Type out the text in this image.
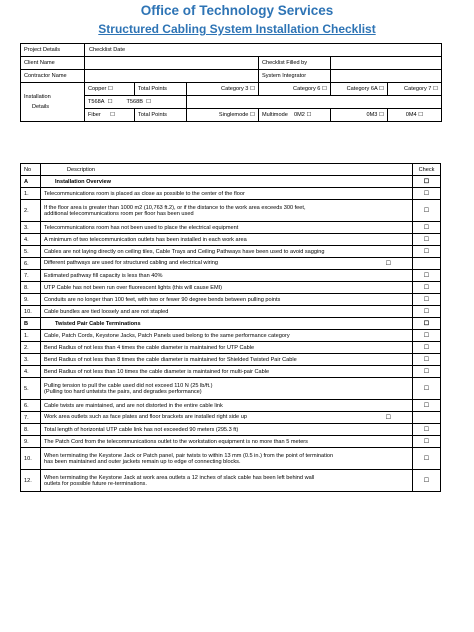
Office of Technology Services
Structured Cabling System Installation Checklist
Project Details	Checklist Date					
Client Name				Checklist Filled by		
Contractor Name				System Integrator		

Installation
Details	Copper ☐	Total Points	Category 3 ☐	Category 6 ☐	Category 6A ☐	Category 7 ☐
	T568A ☐ T568B ☐					
	Fiber ☐	Total Points	Singlemode ☐	Multimode 0M2 ☐	0M3 ☐	0M4 ☐
No	Description	Check
A	Installation Overview	☐
1.	Telecommunications room is placed as close as possible to the center of the floor	☐
2.	If the floor area is greater than 1000 m2 (10,763 ft.2), or if the distance to the work area exceeds 300 feet,
additional telecommunications room per floor has been used	☐
3.	Telecommunications room has not been used to place the electrical equipment	☐
4.	A minimum of two telecommunication outlets has been installed in each work area	☐
5.	Cables are not laying directly on ceiling tiles, Cable Trays and Ceiling Pathways have been used to avoid sagging	☐
6.	Different pathways are used for structured cabling and electrical wiring ☐	

7.	Estimated pathway fill capacity is less than 40%	☐
8.	UTP Cable has not been run over fluorescent lights (this will cause EMI)	☐
9.	Conduits are no longer than 100 feet, with two or fewer 90 degree bends between pulling points	☐
10.	Cable bundles are tied loosely and are not stapled	☐
B	Twisted Pair Cable Terminations	☐
1.	Cable, Patch Cords, Keystone Jacks, Patch Panels used belong to the same performance category	☐
2.	Bend Radius of not less than 4 times the cable diameter is maintained for UTP Cable	☐
3.	Bend Radius of not less than 8 times the cable diameter is maintained for Shielded Twisted Pair Cable	☐
4.	Bend Radius of not less than 10 times the cable diameter is maintained for multi-pair Cable	☐
5.	Pulling tension to pull the cable used did not exceed 110 N (25 lb/ft.)
(Pulling too hard untwists the pairs, and degrades performance)	☐
6.	Cable twists are maintained, and are not distorted in the entire cable link	☐
7.	Work area outlets such as face plates and floor brackets are installed right side up ☐	

8.	Total length of horizontal UTP cable link has not exceeded 90 meters (295.3 ft)	☐
9.	The Patch Cord from the telecommunications outlet to the workstation equipment is no more than 5 meters	☐
10.	When terminating the Keystone Jack or Patch panel, pair twists to within 13 mm (0.5 in.) from the point of termination
has been maintained and outer jackets remain up to edge of connecting blocks.	☐
12.	When terminating the Keystone Jack at work area outlets a 12 inches of slack cable has been left behind wall
outlets for possible future re-terminations.	☐
